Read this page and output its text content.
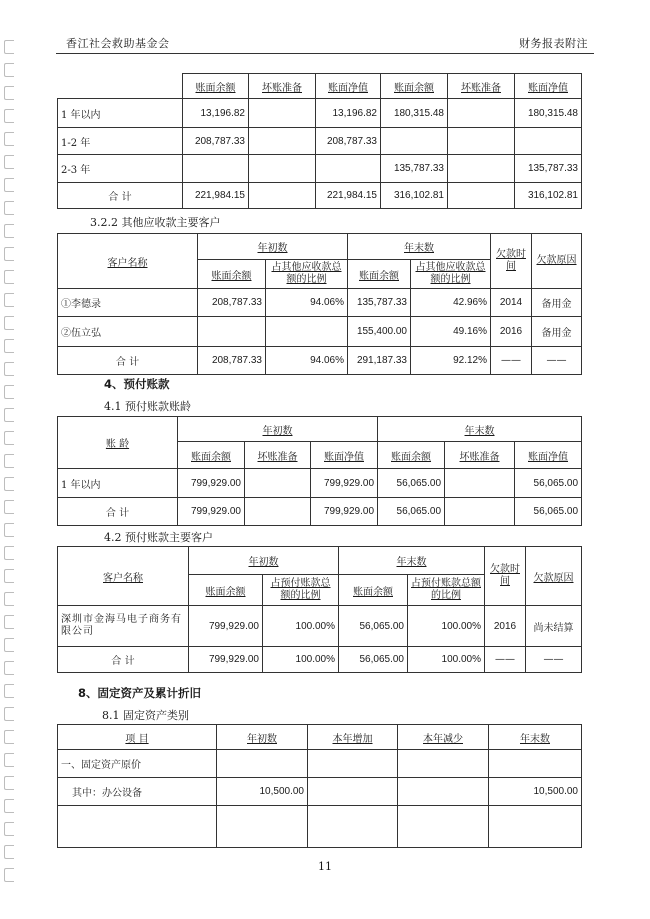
香江社会救助基金会	财务报表附注
	账面余额	坏账准备	账面净值	账面余额	坏账准备	账面净值
1 年以内	13,196.82		13,196.82	180,315.48		180,315.48
1-2 年	208,787.33		208,787.33			
2-3 年				135,787.33		135,787.33
合 计	221,984.15		221,984.15	316,102.81		316,102.81
3.2.2 其他应收款主要客户
客户名称	年初数		年末数		欠款时间	欠款原因
	账面余额	占其他应收款总额的比例	账面余额	占其他应收款总额的比例		
①李德录	208,787.33	94.06%	135,787.33	42.96%	2014	备用金
②伍立弘			155,400.00	49.16%	2016	备用金
合 计	208,787.33	94.06%	291,187.33	92.12%	——	——
4、预付账款
4.1 预付账款账龄
账 龄	年初数			年末数		
	账面余额	坏账准备	账面净值	账面余额	坏账准备	账面净值
1 年以内	799,929.00		799,929.00	56,065.00		56,065.00
合 计	799,929.00		799,929.00	56,065.00		56,065.00
4.2 预付账款主要客户
客户名称	年初数		年末数		欠款时间	欠款原因
	账面余额	占预付账款总额的比例	账面余额	占预付账款总额的比例		
深圳市金海马电子商务有限公司	799,929.00	100.00%	56,065.00	100.00%	2016	尚未结算
合 计	799,929.00	100.00%	56,065.00	100.00%	——	——
8、固定资产及累计折旧
8.1 固定资产类别
项 目	年初数	本年增加	本年减少	年末数
一、固定资产原价				
其中：办公设备	10,500.00			10,500.00

11
